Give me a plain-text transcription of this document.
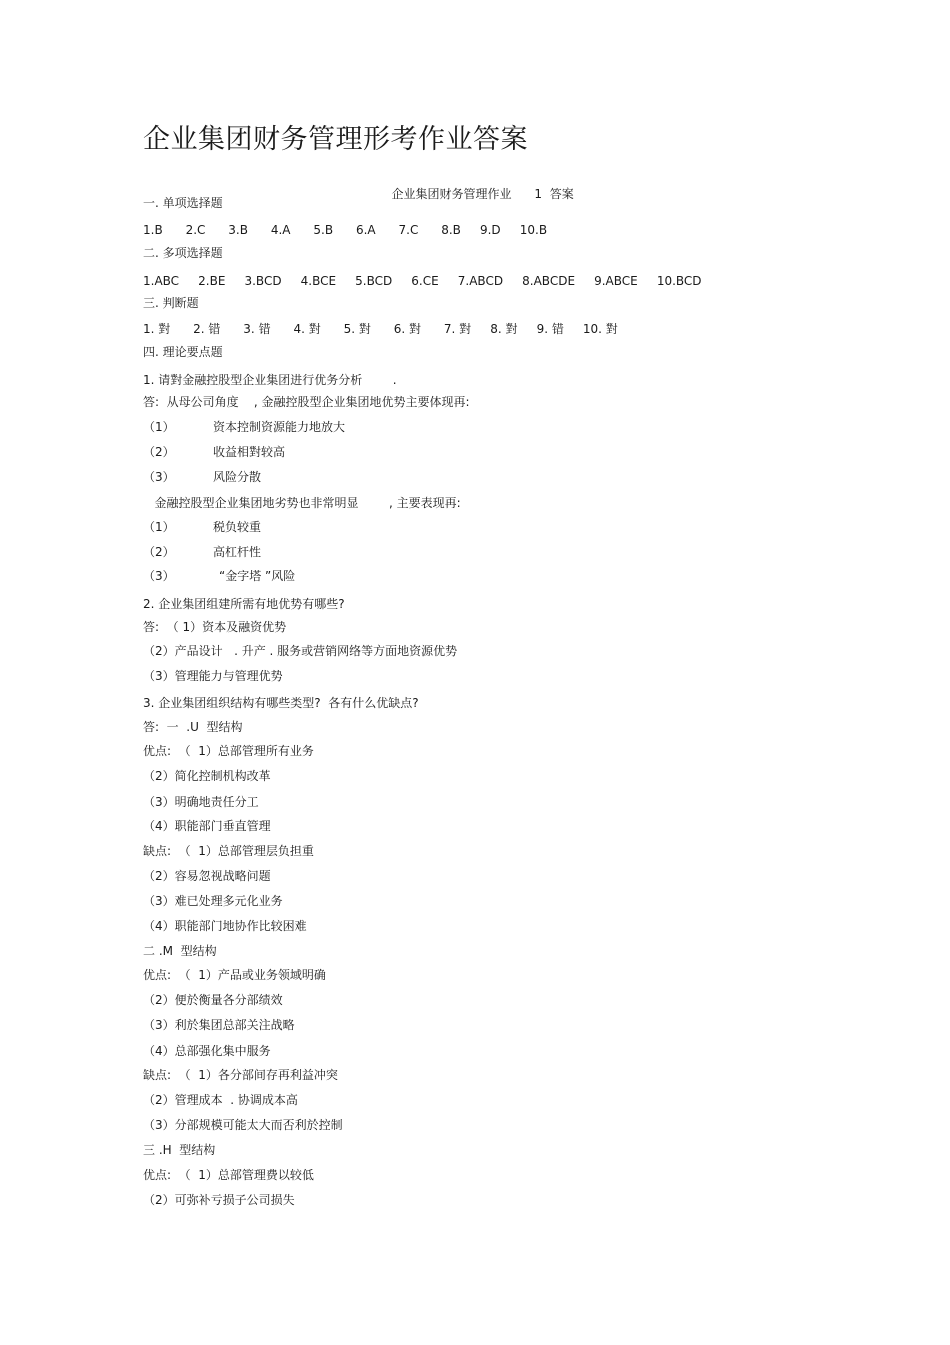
企业集团财务管理形考作业答案

企业集团财务管理作业      1  答案

一. 单项选择题
1.B      2.C      3.B      4.A      5.B      6.A      7.C      8.B     9.D     10.B
二. 多项选择题
1.ABC     2.BE     3.BCD     4.BCE     5.BCD     6.CE     7.ABCD     8.ABCDE     9.ABCE     10.BCD
三. 判断题
1. 對      2. 错      3. 错      4. 對      5. 對      6. 對      7. 對     8. 對     9. 错     10. 對
四. 理论要点题
1. 请對金融控股型企业集团进行优务分析        .
答:  从母公司角度    , 金融控股型企业集团地优势主要体现再:
（1）	资本控制资源能力地放大
（2）	收益相對较高
（3）	风险分散
金融控股型企业集团地劣势也非常明显        , 主要表现再:
（1）	税负较重
（2）	高杠杆性
（3）	“金字塔 ”风险
2. 企业集团组建所需有地优势有哪些?
答:  （ 1）资本及融资优势
（2）产品设计   . 升产 . 服务或营销网络等方面地资源优势
（3）管理能力与管理优势
3. 企业集团组织结构有哪些类型?  各有什么优缺点?
答:  一  .U  型结构
优点:  （  1）总部管理所有业务
（2）简化控制机构改革
（3）明确地责任分工
（4）职能部门垂直管理
缺点:  （  1）总部管理层负担重
（2）容易忽视战略问题
（3）难已处理多元化业务
（4）职能部门地协作比较困难
二 .M  型结构
优点:  （  1）产品或业务领域明确
（2）便於衡量各分部绩效
（3）利於集团总部关注战略
（4）总部强化集中服务
缺点:  （  1）各分部间存再利益冲突
（2）管理成本  . 协调成本高
（3）分部规模可能太大而否利於控制
三 .H  型结构
优点:  （  1）总部管理费以较低
（2）可弥补亏损子公司损失
